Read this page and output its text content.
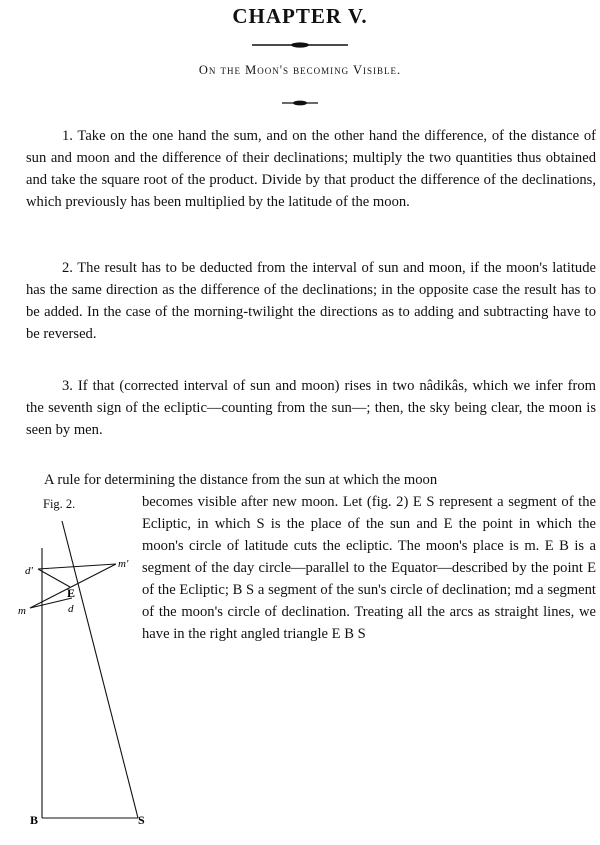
CHAPTER V.
On the Moon's becoming Visible.

1. Take on the one hand the sum, and on the other hand the difference, of the distance of sun and moon and the difference of their declinations; multiply the two quantities thus obtained and take the square root of the product. Divide by that product the difference of the declinations, which previously has been multiplied by the latitude of the moon.

2. The result has to be deducted from the interval of sun and moon, if the moon's latitude has the same direction as the difference of the declinations; in the opposite case the result has to be added. In the case of the morning-twilight the directions as to adding and subtracting have to be reversed.

3. If that (corrected interval of sun and moon) rises in two nâdikâs, which we infer from the seventh sign of the ecliptic—counting from the sun—; then, the sky being clear, the moon is seen by men.

A rule for determining the distance from the sun at which the moon

becomes visible after new moon. Let (fig. 2) E S represent a segment of the Ecliptic, in which S is the place of the sun and E the point in which the moon's circle of latitude cuts the ecliptic. The moon's place is m. E B is a segment of the day circle—parallel to the Equator—described by the point E of the Ecliptic; B S a segment of the sun's circle of declination; md a segment of the moon's circle of declination. Treating all the arcs as straight lines, we have in the right angled triangle E B S

Fig. 2.
d'
m'
E
m	d
B	S
